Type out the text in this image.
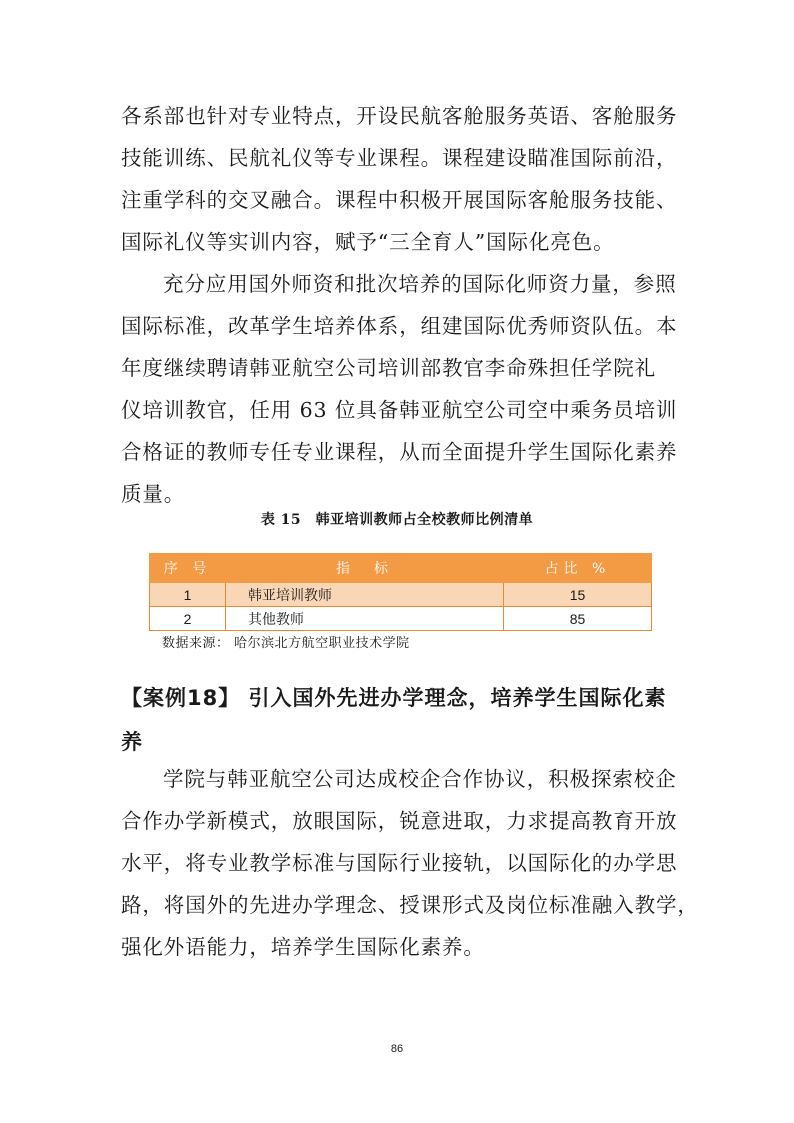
各系部也针对专业特点，开设民航客舱服务英语、客舱服务
技能训练、民航礼仪等专业课程。课程建设瞄准国际前沿，
注重学科的交叉融合。课程中积极开展国际客舱服务技能、
国际礼仪等实训内容，赋予“三全育人”国际化亮色。
充分应用国外师资和批次培养的国际化师资力量，参照
国际标准，改革学生培养体系，组建国际优秀师资队伍。本
年度继续聘请韩亚航空公司培训部教官李命殊担任学院礼
仪培训教官，任用 63 位具备韩亚航空公司空中乘务员培训
合格证的教师专任专业课程，从而全面提升学生国际化素养
质量。
表 15　韩亚培训教师占全校教师比例清单
序 号	指　标	占比 %
1	韩亚培训教师	15
2	其他教师	85
数据来源： 哈尔滨北方航空职业技术学院
【案例18】 引入国外先进办学理念，培养学生国际化素
养
学院与韩亚航空公司达成校企合作协议，积极探索校企
合作办学新模式，放眼国际，锐意进取，力求提高教育开放
水平，将专业教学标准与国际行业接轨，以国际化的办学思
路，将国外的先进办学理念、授课形式及岗位标准融入教学，
强化外语能力，培养学生国际化素养。
86
